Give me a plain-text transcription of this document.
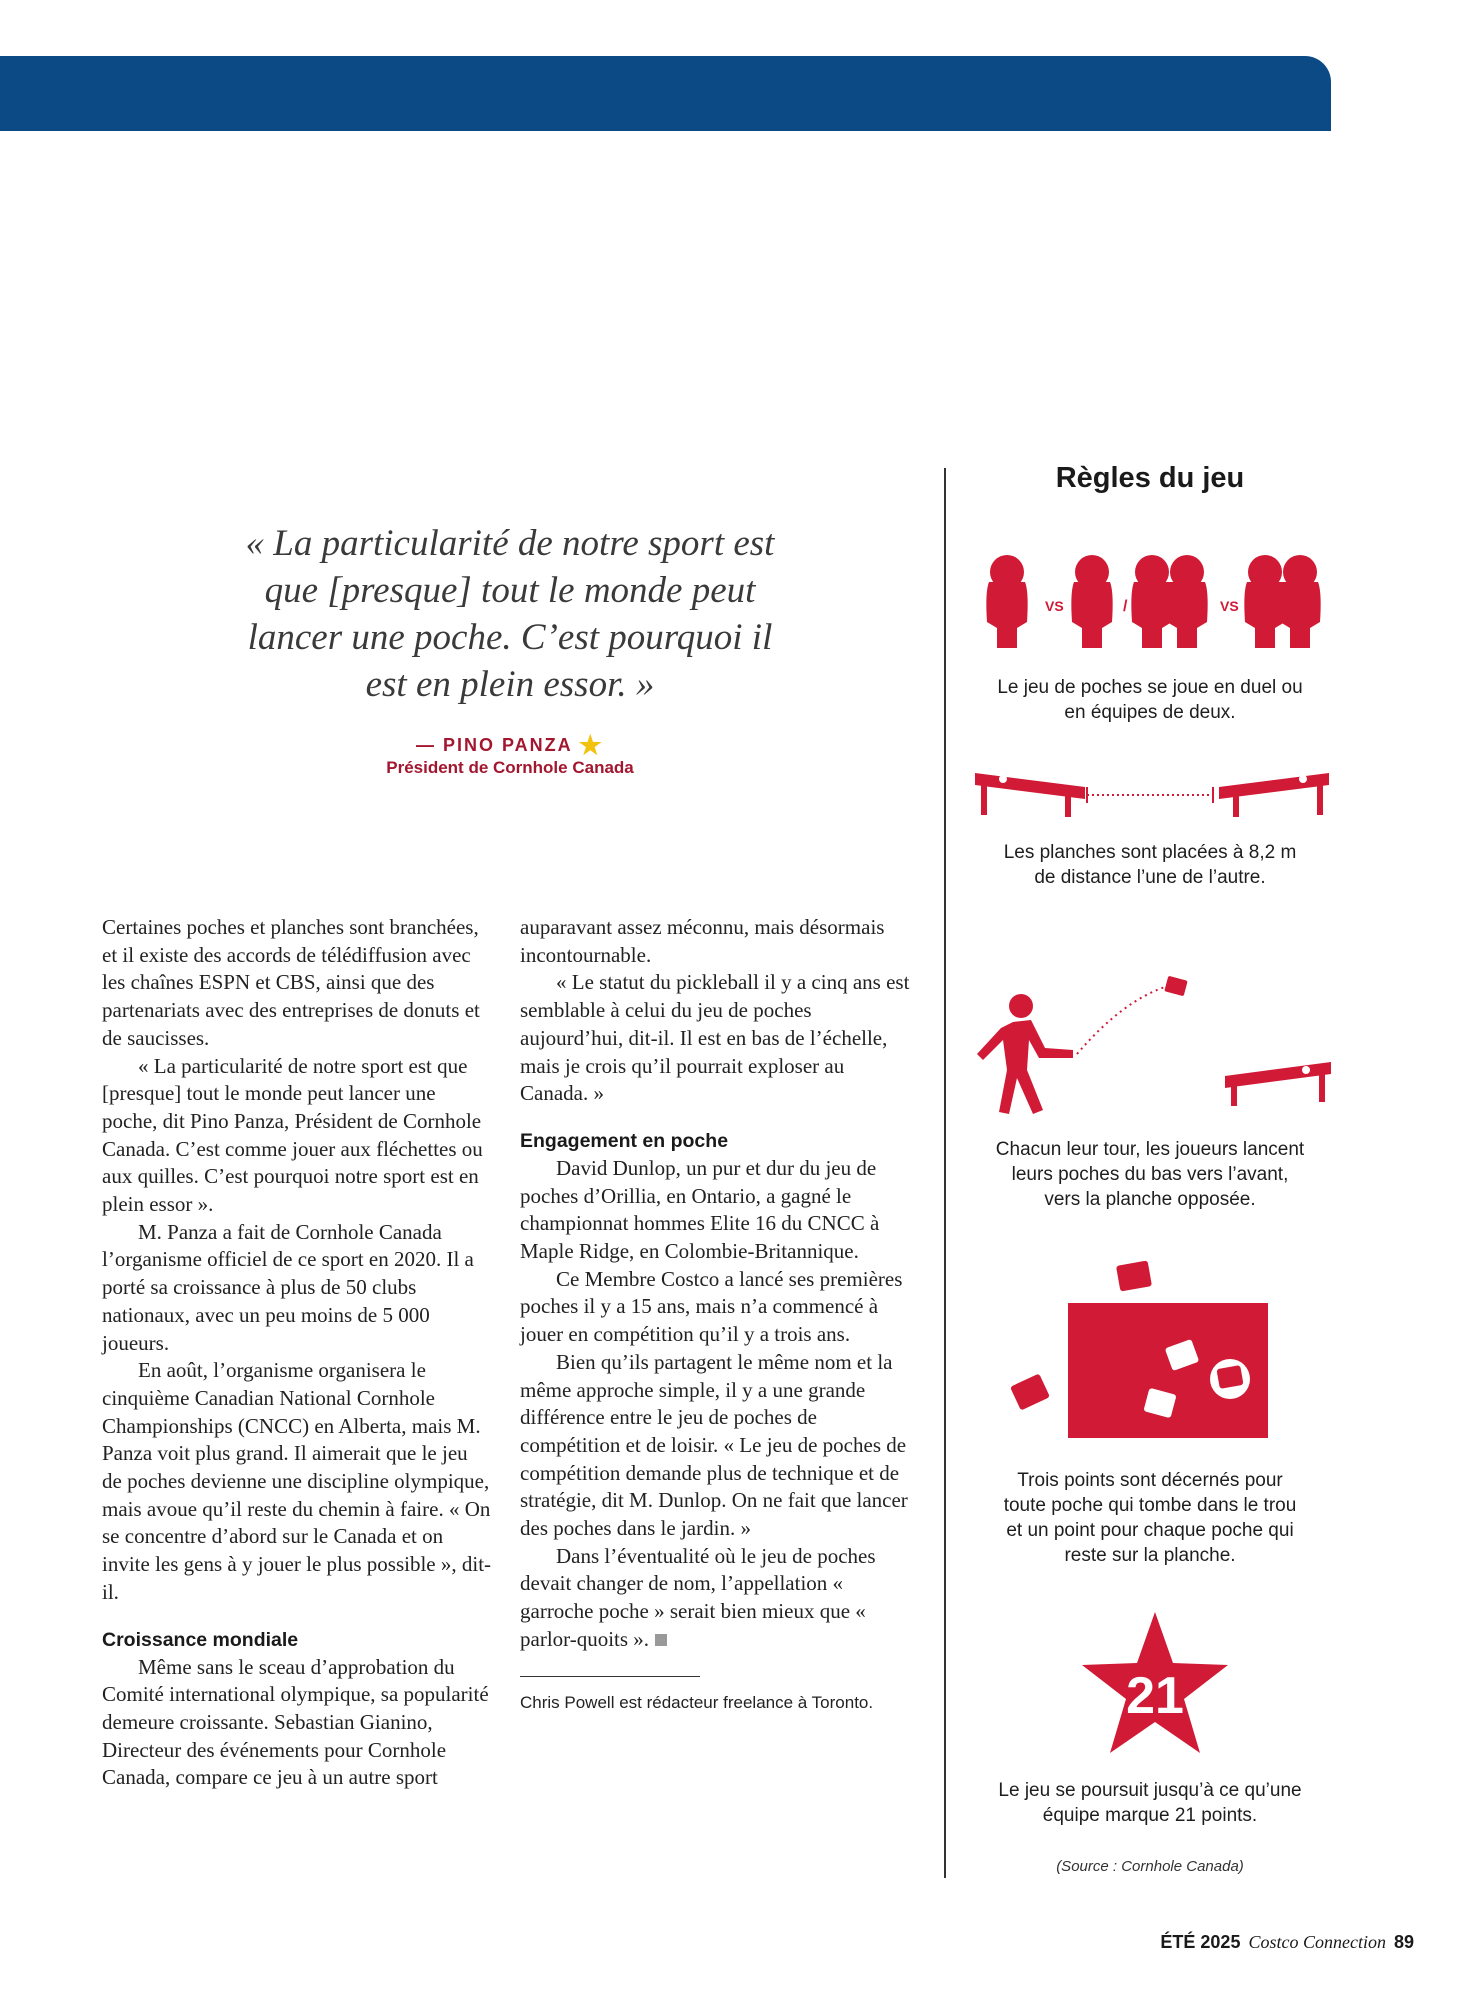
« La particularité de notre sport est
que [presque] tout le monde peut
lancer une poche. C’est pourquoi il
est en plein essor. »
— PINO PANZA ★
Président de Cornhole Canada

Certaines poches et planches sont branchées, et il existe des accords de télédiffusion avec les chaînes ESPN et CBS, ainsi que des partenariats avec des entreprises de donuts et de saucisses.

« La particularité de notre sport est que [presque] tout le monde peut lancer une poche, dit Pino Panza, Président de Cornhole Canada. C’est comme jouer aux fléchettes ou aux quilles. C’est pourquoi notre sport est en plein essor ».

M. Panza a fait de Cornhole Canada l’organisme officiel de ce sport en 2020. Il a porté sa croissance à plus de 50 clubs nationaux, avec un peu moins de 5 000 joueurs.

En août, l’organisme organisera le cinquième Canadian National Cornhole Championships (CNCC) en Alberta, mais M. Panza voit plus grand. Il aimerait que le jeu de poches devienne une discipline olympique, mais avoue qu’il reste du chemin à faire. « On se concentre d’abord sur le Canada et on invite les gens à y jouer le plus possible », dit-il.

Croissance mondiale

Même sans le sceau d’approbation du Comité international olympique, sa popularité demeure croissante. Sebastian Gianino, Directeur des événements pour Cornhole Canada, compare ce jeu à un autre sport

auparavant assez méconnu, mais désormais incontournable.

« Le statut du pickleball il y a cinq ans est semblable à celui du jeu de poches aujourd’hui, dit-il. Il est en bas de l’échelle, mais je crois qu’il pourrait exploser au Canada. »

Engagement en poche

David Dunlop, un pur et dur du jeu de poches d’Orillia, en Ontario, a gagné le championnat hommes Elite 16 du CNCC à Maple Ridge, en Colombie-Britannique.

Ce Membre Costco a lancé ses premières poches il y a 15 ans, mais n’a commencé à jouer en compétition qu’il y a trois ans.

Bien qu’ils partagent le même nom et la même approche simple, il y a une grande différence entre le jeu de poches de compétition et de loisir. « Le jeu de poches de compétition demande plus de technique et de stratégie, dit M. Dunlop. On ne fait que lancer des poches dans le jardin. »

Dans l’éventualité où le jeu de poches devait changer de nom, l’appellation « garroche poche » serait bien mieux que « parlor-quoits ».

Chris Powell est rédacteur freelance à Toronto.
Règles du jeu
VS	/	VS
Le jeu de poches se joue en duel ou
en équipes de deux.
Les planches sont placées à 8,2 m
de distance l’une de l’autre.
Chacun leur tour, les joueurs lancent
leurs poches du bas vers l’avant,
vers la planche opposée.
Trois points sont décernés pour
toute poche qui tombe dans le trou
et un point pour chaque poche qui
reste sur la planche.
21
Le jeu se poursuit jusqu’à ce qu’une
équipe marque 21 points.
(Source : Cornhole Canada)
ÉTÉ 2025 Costco Connection 89
